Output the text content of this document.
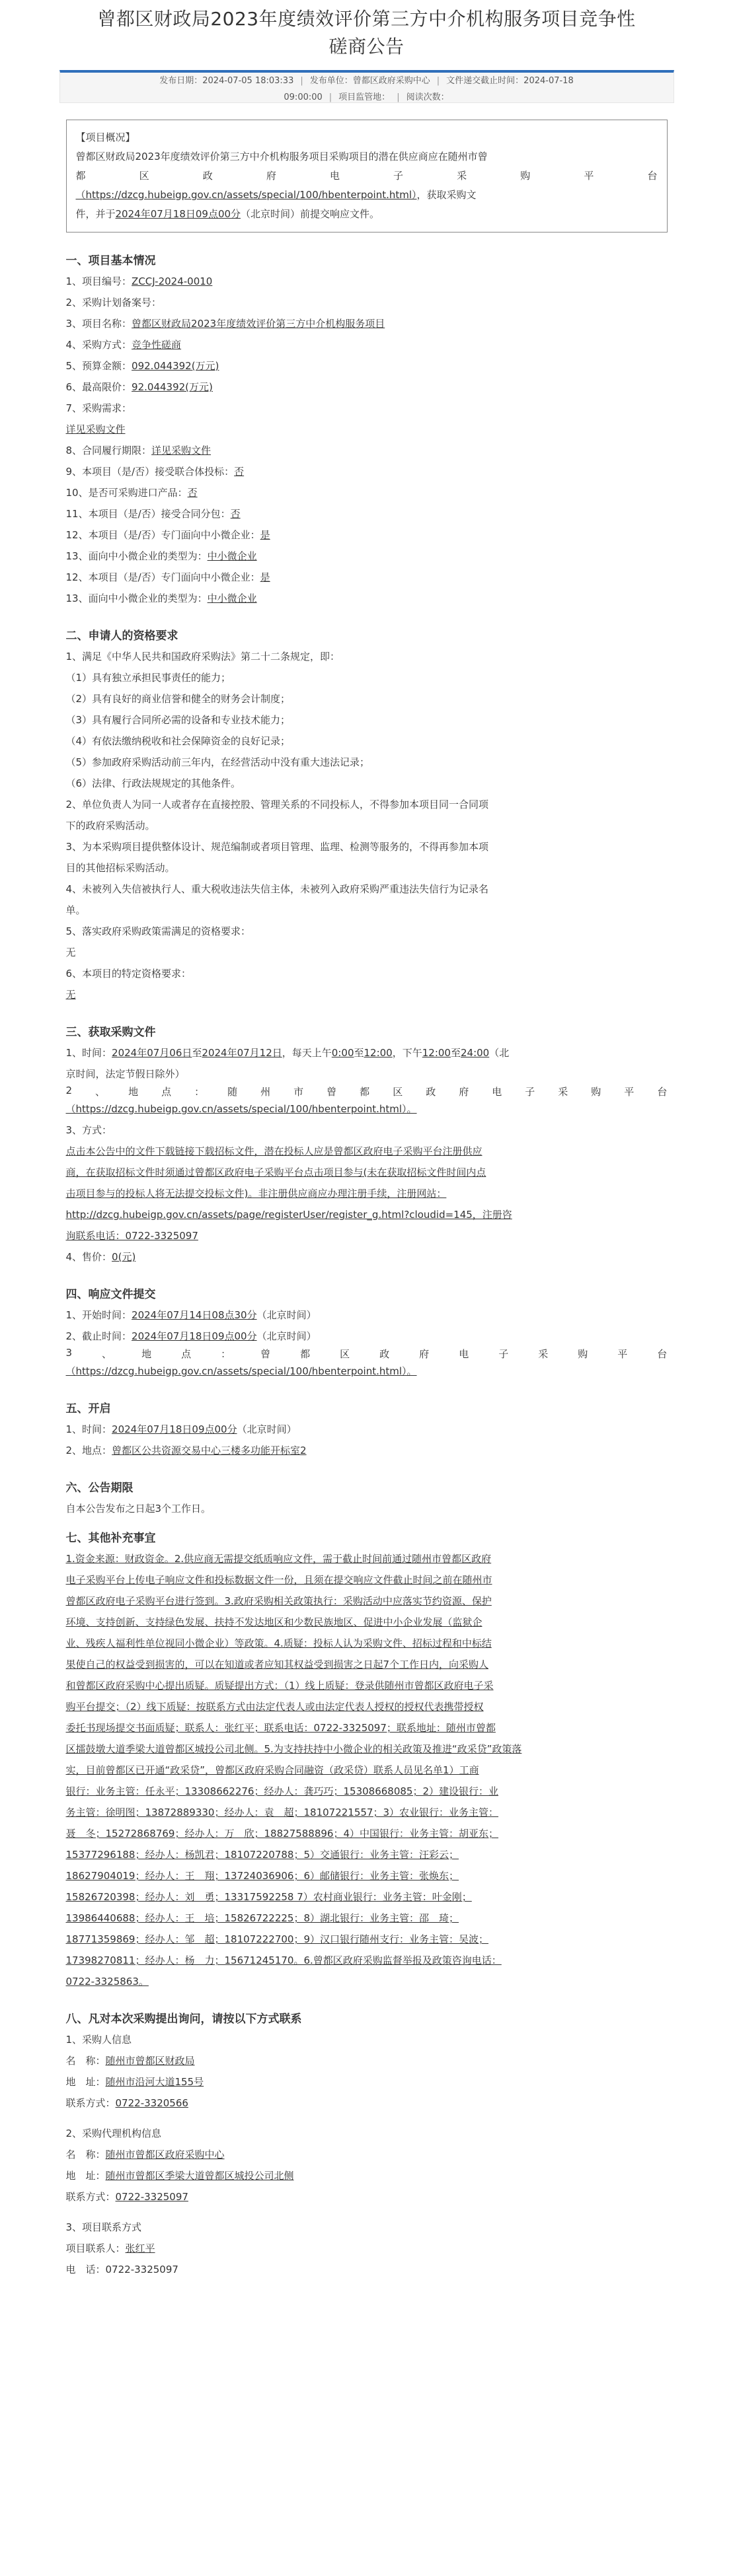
曾都区财政局2023年度绩效评价第三方中介机构服务项目竞争性
磋商公告
发布日期：2024-07-05 18:03:33 | 发布单位：曾都区政府采购中心 | 文件递交截止时间：2024-07-18
09:00:00 | 项目监管地： | 阅读次数：
【项目概况】
曾都区财政局2023年度绩效评价第三方中介机构服务项目采购项目的潜在供应商应在随州市曾
都	区	政	府	电	子	采	购	平	台
（https://dzcg.hubeigp.gov.cn/assets/special/100/hbenterpoint.html），获取采购文
件，并于2024年07月18日09点00分（北京时间）前提交响应文件。
一、项目基本情况
1、项目编号：ZCCJ-2024-0010
2、采购计划备案号：
3、项目名称：曾都区财政局2023年度绩效评价第三方中介机构服务项目
4、采购方式：竞争性磋商
5、预算金额：092.044392(万元)
6、最高限价：92.044392(万元)
7、采购需求：
详见采购文件
8、合同履行期限：详见采购文件
9、本项目（是/否）接受联合体投标：否
10、是否可采购进口产品：否
11、本项目（是/否）接受合同分包：否
12、本项目（是/否）专门面向中小微企业：是
13、面向中小微企业的类型为：中小微企业
12、本项目（是/否）专门面向中小微企业：是
13、面向中小微企业的类型为：中小微企业
二、申请人的资格要求
1、满足《中华人民共和国政府采购法》第二十二条规定，即：
（1）具有独立承担民事责任的能力；
（2）具有良好的商业信誉和健全的财务会计制度；
（3）具有履行合同所必需的设备和专业技术能力；
（4）有依法缴纳税收和社会保障资金的良好记录；
（5）参加政府采购活动前三年内，在经营活动中没有重大违法记录；
（6）法律、行政法规规定的其他条件。
2、单位负责人为同一人或者存在直接控股、管理关系的不同投标人，不得参加本项目同一合同项
下的政府采购活动。
3、为本采购项目提供整体设计、规范编制或者项目管理、监理、检测等服务的，不得再参加本项
目的其他招标采购活动。
4、未被列入失信被执行人、重大税收违法失信主体，未被列入政府采购严重违法失信行为记录名
单。
5、落实政府采购政策需满足的资格要求：
无
6、本项目的特定资格要求：
无
三、获取采购文件
1、时间：2024年07月06日至2024年07月12日，每天上午0:00至12:00，下午12:00至24:00（北
京时间，法定节假日除外）
2 、 地 点 ： 随 州 市 曾 都 区 政 府 电 子 采 购 平 台
（https://dzcg.hubeigp.gov.cn/assets/special/100/hbenterpoint.html）。
3、方式：
点击本公告中的文件下载链接下载招标文件，潜在投标人应是曾都区政府电子采购平台注册供应
商，在获取招标文件时须通过曾都区政府电子采购平台点击项目参与(未在获取招标文件时间内点
击项目参与的投标人将无法提交投标文件)。非注册供应商应办理注册手续，注册网站：
http://dzcg.hubeigp.gov.cn/assets/page/registerUser/register_g.html?cloudid=145，注册咨
询联系电话：0722-3325097
4、售价：0(元)
四、响应文件提交
1、开始时间：2024年07月14日08点30分（北京时间）
2、截止时间：2024年07月18日09点00分（北京时间）
3	、	地	点	：	曾	都	区	政	府	电	子	采	购	平	台
（https://dzcg.hubeigp.gov.cn/assets/special/100/hbenterpoint.html）。
五、开启
1、时间：2024年07月18日09点00分（北京时间）
2、地点：曾都区公共资源交易中心三楼多功能开标室2
六、公告期限
自本公告发布之日起3个工作日。
七、其他补充事宜
1.资金来源：财政资金。2.供应商无需提交纸质响应文件，需于截止时间前通过随州市曾都区政府
电子采购平台上传电子响应文件和投标数据文件一份，且须在提交响应文件截止时间之前在随州市
曾都区政府电子采购平台进行签到。3.政府采购相关政策执行：采购活动中应落实节约资源、保护
环境、支持创新、支持绿色发展、扶持不发达地区和少数民族地区、促进中小企业发展（监狱企
业、残疾人福利性单位视同小微企业）等政策。4.质疑：投标人认为采购文件、招标过程和中标结
果使自己的权益受到损害的，可以在知道或者应知其权益受到损害之日起7个工作日内，向采购人
和曾都区政府采购中心提出质疑。质疑提出方式：（1）线上质疑：登录供随州市曾都区政府电子采
购平台提交；（2）线下质疑：按联系方式由法定代表人或由法定代表人授权的授权代表携带授权
委托书现场提交书面质疑；联系人：张红平；联系电话：0722-3325097；联系地址：随州市曾都
区擂鼓墩大道季梁大道曾都区城投公司北侧。5.为支持扶持中小微企业的相关政策及推进“政采贷”政策落
实，目前曾都区已开通“政采贷”，曾都区政府采购合同融资（政采贷）联系人员见名单1）工商
银行：业务主管：任永平；13308662276；经办人：龚巧巧；15308668085；2）建设银行：业
务主管：徐明图；13872889330；经办人：袁　超；18107221557；3）农业银行：业务主管：
聂　冬；15272868769；经办人：万　欣；18827588896；4）中国银行：业务主管：胡亚东；
15377296188；经办人：杨凯君；18107220788；5）交通银行：业务主管：汪彩云；
18627904019；经办人：王　翔；13724036906；6）邮储银行：业务主管：张焕东；
15826720398；经办人：刘　勇；13317592258 7）农村商业银行：业务主管：叶金刚；
13986440688；经办人：王　培；15826722225；8）湖北银行：业务主管：邵　琦；
18771359869；经办人：邹　超；18107222700；9）汉口银行随州支行：业务主管：吴波；
17398270811；经办人：杨　力；15671245170。6.曾都区政府采购监督举报及政策咨询电话：
0722-3325863。
八、凡对本次采购提出询问，请按以下方式联系
1、采购人信息
名　称：随州市曾都区财政局
地　址：随州市沿河大道155号
联系方式：0722-3320566
2、采购代理机构信息
名　称：随州市曾都区政府采购中心
地　址：随州市曾都区季梁大道曾都区城投公司北侧
联系方式：0722-3325097
3、项目联系方式
项目联系人：张红平
电　话：0722-3325097
